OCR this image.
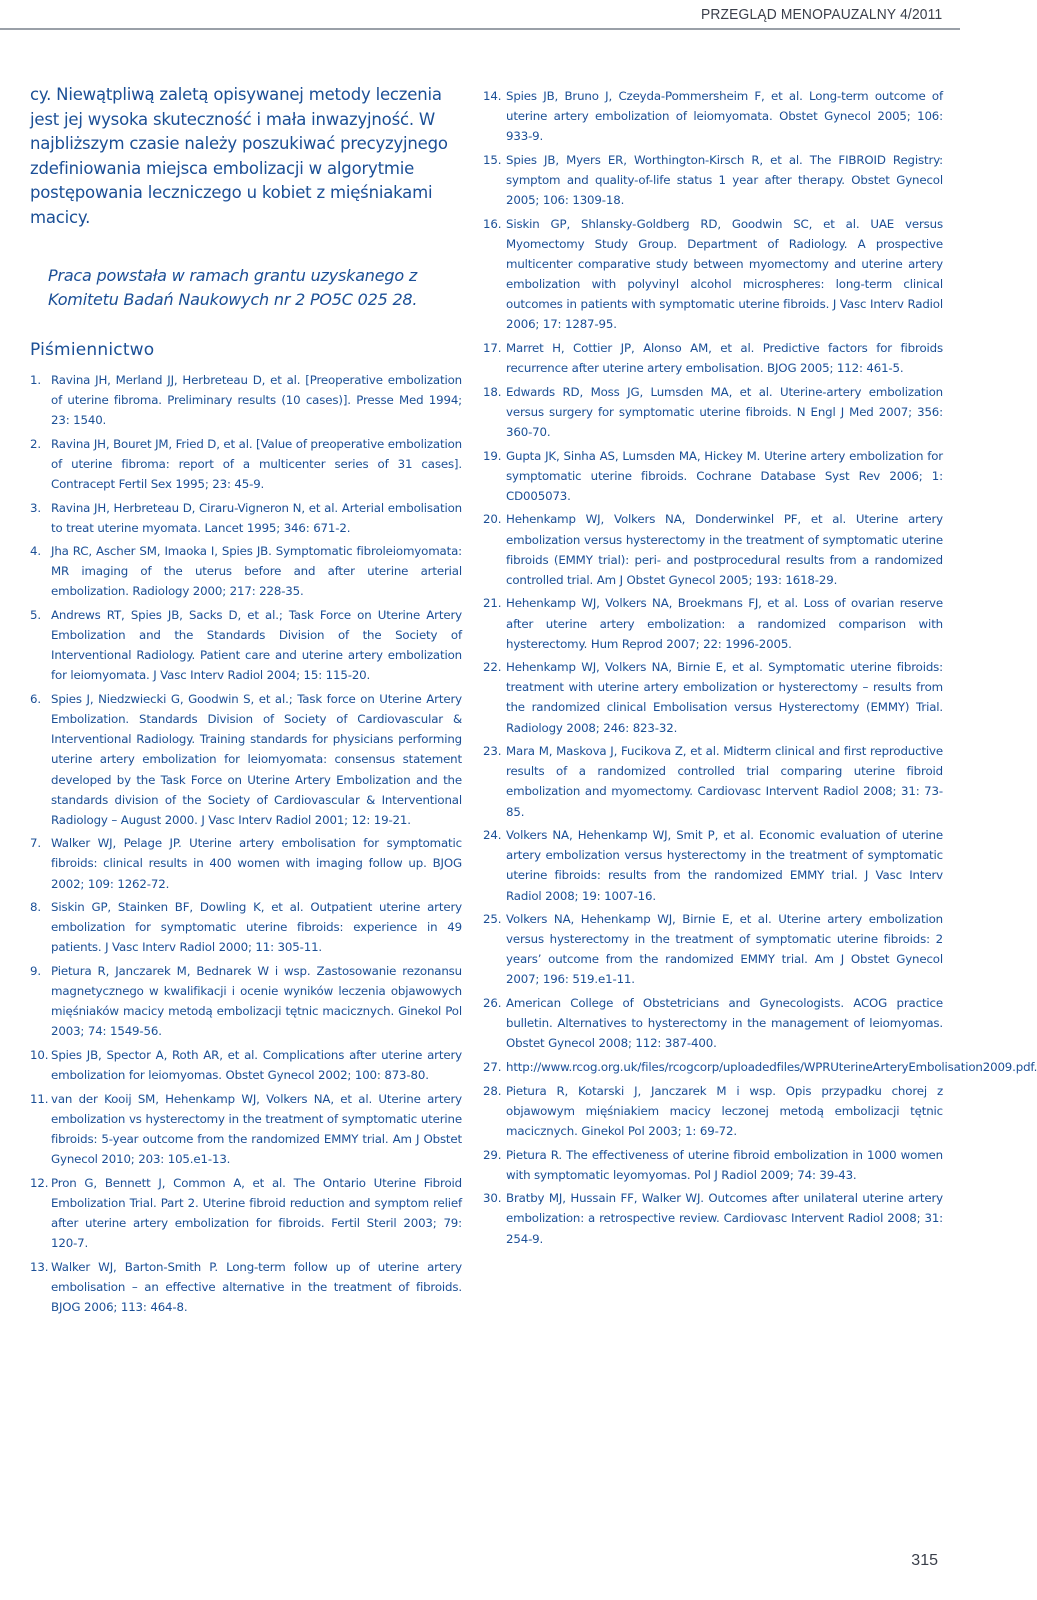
PRZEGLĄD MENOPAUZALNY 4/2011

cy. Niewątpliwą zaletą opisywanej metody leczenia jest jej wysoka skuteczność i mała inwazyjność. W najbliższym czasie należy poszukiwać precyzyjnego zdefiniowania miejsca embolizacji w algorytmie postępowania leczniczego u kobiet z mięśniakami macicy.

Praca powstała w ramach grantu uzyskanego z Komitetu Badań Naukowych nr 2 PO5C 025 28.

Piśmiennictwo
1. Ravina JH, Merland JJ, Herbreteau D, et al. [Preoperative embolization of uterine fibroma. Preliminary results (10 cases)]. Presse Med 1994; 23: 1540.
2. Ravina JH, Bouret JM, Fried D, et al. [Value of preoperative embolization of uterine fibroma: report of a multicenter series of 31 cases]. Contracept Fertil Sex 1995; 23: 45-9.
3. Ravina JH, Herbreteau D, Ciraru-Vigneron N, et al. Arterial embolisation to treat uterine myomata. Lancet 1995; 346: 671-2.
4. Jha RC, Ascher SM, Imaoka I, Spies JB. Symptomatic fibroleiomyomata: MR imaging of the uterus before and after uterine arterial embolization. Radiology 2000; 217: 228-35.
5. Andrews RT, Spies JB, Sacks D, et al.; Task Force on Uterine Artery Embolization and the Standards Division of the Society of Interventional Radiology. Patient care and uterine artery embolization for leiomyomata. J Vasc Interv Radiol 2004; 15: 115-20.
6. Spies J, Niedzwiecki G, Goodwin S, et al.; Task force on Uterine Artery Embolization. Standards Division of Society of Cardiovascular & Interventional Radiology. Training standards for physicians performing uterine artery embolization for leiomyomata: consensus statement developed by the Task Force on Uterine Artery Embolization and the standards division of the Society of Cardiovascular & Interventional Radiology – August 2000. J Vasc Interv Radiol 2001; 12: 19-21.
7. Walker WJ, Pelage JP. Uterine artery embolisation for symptomatic fibroids: clinical results in 400 women with imaging follow up. BJOG 2002; 109: 1262-72.
8. Siskin GP, Stainken BF, Dowling K, et al. Outpatient uterine artery embolization for symptomatic uterine fibroids: experience in 49 patients. J Vasc Interv Radiol 2000; 11: 305-11.
9. Pietura R, Janczarek M, Bednarek W i wsp. Zastosowanie rezonansu magnetycznego w kwalifikacji i ocenie wyników leczenia objawowych mięśniaków macicy metodą embolizacji tętnic macicznych. Ginekol Pol 2003; 74: 1549-56.
10. Spies JB, Spector A, Roth AR, et al. Complications after uterine artery embolization for leiomyomas. Obstet Gynecol 2002; 100: 873-80.
11. van der Kooij SM, Hehenkamp WJ, Volkers NA, et al. Uterine artery embolization vs hysterectomy in the treatment of symptomatic uterine fibroids: 5-year outcome from the randomized EMMY trial. Am J Obstet Gynecol 2010; 203: 105.e1-13.
12. Pron G, Bennett J, Common A, et al. The Ontario Uterine Fibroid Embolization Trial. Part 2. Uterine fibroid reduction and symptom relief after uterine artery embolization for fibroids. Fertil Steril 2003; 79: 120-7.
13. Walker WJ, Barton-Smith P. Long-term follow up of uterine artery embolisation – an effective alternative in the treatment of fibroids. BJOG 2006; 113: 464-8.
14. Spies JB, Bruno J, Czeyda-Pommersheim F, et al. Long-term outcome of uterine artery embolization of leiomyomata. Obstet Gynecol 2005; 106: 933-9.
15. Spies JB, Myers ER, Worthington-Kirsch R, et al. The FIBROID Registry: symptom and quality-of-life status 1 year after therapy. Obstet Gynecol 2005; 106: 1309-18.
16. Siskin GP, Shlansky-Goldberg RD, Goodwin SC, et al. UAE versus Myomectomy Study Group. Department of Radiology. A prospective multicenter comparative study between myomectomy and uterine artery embolization with polyvinyl alcohol microspheres: long-term clinical outcomes in patients with symptomatic uterine fibroids. J Vasc Interv Radiol 2006; 17: 1287-95.
17. Marret H, Cottier JP, Alonso AM, et al. Predictive factors for fibroids recurrence after uterine artery embolisation. BJOG 2005; 112: 461-5.
18. Edwards RD, Moss JG, Lumsden MA, et al. Uterine-artery embolization versus surgery for symptomatic uterine fibroids. N Engl J Med 2007; 356: 360-70.
19. Gupta JK, Sinha AS, Lumsden MA, Hickey M. Uterine artery embolization for symptomatic uterine fibroids. Cochrane Database Syst Rev 2006; 1: CD005073.
20. Hehenkamp WJ, Volkers NA, Donderwinkel PF, et al. Uterine artery embolization versus hysterectomy in the treatment of symptomatic uterine fibroids (EMMY trial): peri- and postprocedural results from a randomized controlled trial. Am J Obstet Gynecol 2005; 193: 1618-29.
21. Hehenkamp WJ, Volkers NA, Broekmans FJ, et al. Loss of ovarian reserve after uterine artery embolization: a randomized comparison with hysterectomy. Hum Reprod 2007; 22: 1996-2005.
22. Hehenkamp WJ, Volkers NA, Birnie E, et al. Symptomatic uterine fibroids: treatment with uterine artery embolization or hysterectomy – results from the randomized clinical Embolisation versus Hysterectomy (EMMY) Trial. Radiology 2008; 246: 823-32.
23. Mara M, Maskova J, Fucikova Z, et al. Midterm clinical and first reproductive results of a randomized controlled trial comparing uterine fibroid embolization and myomectomy. Cardiovasc Intervent Radiol 2008; 31: 73- 85.
24. Volkers NA, Hehenkamp WJ, Smit P, et al. Economic evaluation of uterine artery embolization versus hysterectomy in the treatment of symptomatic uterine fibroids: results from the randomized EMMY trial. J Vasc Interv Radiol 2008; 19: 1007-16.
25. Volkers NA, Hehenkamp WJ, Birnie E, et al. Uterine artery embolization versus hysterectomy in the treatment of symptomatic uterine fibroids: 2 years’ outcome from the randomized EMMY trial. Am J Obstet Gynecol 2007; 196: 519.e1-11.
26. American College of Obstetricians and Gynecologists. ACOG practice bulletin. Alternatives to hysterectomy in the management of leiomyomas. Obstet Gynecol 2008; 112: 387-400.
27. http://www.rcog.org.uk/files/rcogcorp/uploadedfiles/WPRUterineArteryEmbolisation2009.pdf.
28. Pietura R, Kotarski J, Janczarek M i wsp. Opis przypadku chorej z objawowym mięśniakiem macicy leczonej metodą embolizacji tętnic macicznych. Ginekol Pol 2003; 1: 69-72.
29. Pietura R. The effectiveness of uterine fibroid embolization in 1000 women with symptomatic leyomyomas. Pol J Radiol 2009; 74: 39-43.
30. Bratby MJ, Hussain FF, Walker WJ. Outcomes after unilateral uterine artery embolization: a retrospective review. Cardiovasc Intervent Radiol 2008; 31: 254-9.
315
